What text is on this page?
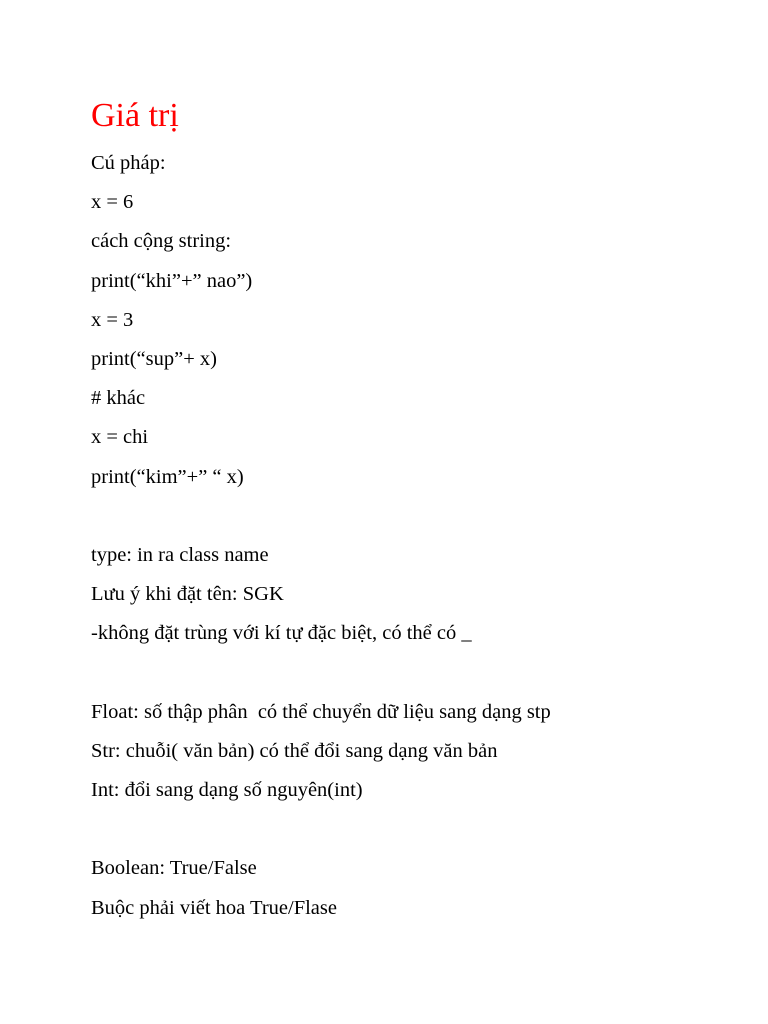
Giá trị

Cú pháp:

x = 6

cách cộng string:

print(“khi”+” nao”)

x = 3

print(“sup”+ x)

# khác

x = chi

print(“kim”+” “ x)

type: in ra class name

Lưu ý khi đặt tên: SGK

-không đặt trùng với kí tự đặc biệt, có thể có _

Float: số thập phân  có thể chuyển dữ liệu sang dạng stp

Str: chuỗi( văn bản) có thể đổi sang dạng văn bản

Int: đổi sang dạng số nguyên(int)

Boolean: True/False

Buộc phải viết hoa True/Flase
